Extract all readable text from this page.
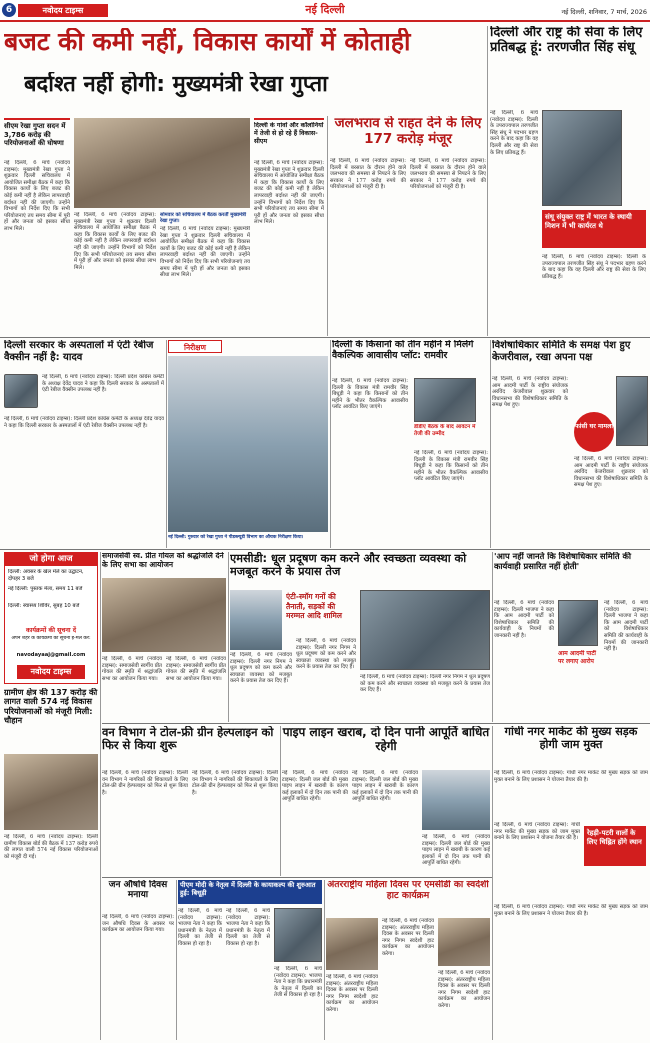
6	नवोदय टाइम्स	नई दिल्ली	नई दिल्ली, शनिवार, 7 मार्च, 2026
बजट की कमी नहीं, विकास कार्यों में कोताही
बर्दाश्त नहीं होगी: मुख्यमंत्री रेखा गुप्ता
दिल्ली और राष्ट्र की सेवा के लिए प्रतिबद्ध हूं: तरणजीत सिंह संधू
नई दिल्ली, 6 मार्च (नवोदय टाइम्स): दिल्ली के उपराज्यपाल तरणजीत सिंह संधू ने पदभार ग्रहण करने के बाद कहा कि वह दिल्ली और राष्ट्र की सेवा के लिए प्रतिबद्ध हैं।
संधू संयुक्त राष्ट्र में भारत के स्थायी मिशन में भी कार्यरत थे
नई दिल्ली, 6 मार्च (नवोदय टाइम्स): दिल्ली के उपराज्यपाल तरणजीत सिंह संधू ने पदभार ग्रहण करने के बाद कहा कि वह दिल्ली और राष्ट्र की सेवा के लिए प्रतिबद्ध हैं।
सीएम रेखा गुप्ता सदन में 3,786 करोड़ की परियोजनाओं की घोषणा
नई दिल्ली, 6 मार्च (नवोदय टाइम्स): मुख्यमंत्री रेखा गुप्ता ने शुक्रवार दिल्ली सचिवालय में आयोजित समीक्षा बैठक में कहा कि विकास कार्यों के लिए बजट की कोई कमी नहीं है लेकिन लापरवाही बर्दाश्त नहीं की जाएगी। उन्होंने विभागों को निर्देश दिए कि सभी परियोजनाएं तय समय सीमा में पूरी हों और जनता को इसका सीधा लाभ मिले।
नई दिल्ली, 6 मार्च (नवोदय टाइम्स): मुख्यमंत्री रेखा गुप्ता ने शुक्रवार दिल्ली सचिवालय में आयोजित समीक्षा बैठक में कहा कि विकास कार्यों के लिए बजट की कोई कमी नहीं है लेकिन लापरवाही बर्दाश्त नहीं की जाएगी। उन्होंने विभागों को निर्देश दिए कि सभी परियोजनाएं तय समय सीमा में पूरी हों और जनता को इसका सीधा लाभ मिले।
सोमवार को सचिवालय में बैठक करतीं मुख्यमंत्री रेखा गुप्ता।
नई दिल्ली, 6 मार्च (नवोदय टाइम्स): मुख्यमंत्री रेखा गुप्ता ने शुक्रवार दिल्ली सचिवालय में आयोजित समीक्षा बैठक में कहा कि विकास कार्यों के लिए बजट की कोई कमी नहीं है लेकिन लापरवाही बर्दाश्त नहीं की जाएगी। उन्होंने विभागों को निर्देश दिए कि सभी परियोजनाएं तय समय सीमा में पूरी हों और जनता को इसका सीधा लाभ मिले।
दिल्ली के गांवों और कॉलोनियों में तेजी से हो रहे हैं विकास- सीएम
नई दिल्ली, 6 मार्च (नवोदय टाइम्स): मुख्यमंत्री रेखा गुप्ता ने शुक्रवार दिल्ली सचिवालय में आयोजित समीक्षा बैठक में कहा कि विकास कार्यों के लिए बजट की कोई कमी नहीं है लेकिन लापरवाही बर्दाश्त नहीं की जाएगी। उन्होंने विभागों को निर्देश दिए कि सभी परियोजनाएं तय समय सीमा में पूरी हों और जनता को इसका सीधा लाभ मिले।
जलभराव से राहत देने के लिए 177 करोड़ मंजूर
नई दिल्ली, 6 मार्च (नवोदय टाइम्स): दिल्ली में बरसात के दौरान होने वाले जलभराव की समस्या से निपटने के लिए सरकार ने 177 करोड़ रुपये की परियोजनाओं को मंजूरी दी है।
नई दिल्ली, 6 मार्च (नवोदय टाइम्स): दिल्ली में बरसात के दौरान होने वाले जलभराव की समस्या से निपटने के लिए सरकार ने 177 करोड़ रुपये की परियोजनाओं को मंजूरी दी है।
दिल्ली सरकार के अस्पतालों में एंटी रेबीज वैक्सीन नहीं है: यादव
नई दिल्ली, 6 मार्च (नवोदय टाइम्स): दिल्ली प्रदेश कांग्रेस कमेटी के अध्यक्ष देवेंद्र यादव ने कहा कि दिल्ली सरकार के अस्पतालों में एंटी रेबीज वैक्सीन उपलब्ध नहीं है।
नई दिल्ली, 6 मार्च (नवोदय टाइम्स): दिल्ली प्रदेश कांग्रेस कमेटी के अध्यक्ष देवेंद्र यादव ने कहा कि दिल्ली सरकार के अस्पतालों में एंटी रेबीज वैक्सीन उपलब्ध नहीं है।
निरीक्षण
नई दिल्ली: गुरुवार को रेखा गुप्ता ने पीडब्ल्यूडी विभाग का औचक निरीक्षण किया।
दिल्ली के किसानों को तीन महीने में मिलेंगे वैकल्पिक आवासीय प्लॉट: रामवीर
नई दिल्ली, 6 मार्च (नवोदय टाइम्स): दिल्ली के विकास मंत्री रामवीर सिंह बिधूड़ी ने कहा कि किसानों को तीन महीने के भीतर वैकल्पिक आवासीय प्लॉट आवंटित किए जाएंगे।
डीडीए बैठक के बाद आवंटन में तेजी की उम्मीद
नई दिल्ली, 6 मार्च (नवोदय टाइम्स): दिल्ली के विकास मंत्री रामवीर सिंह बिधूड़ी ने कहा कि किसानों को तीन महीने के भीतर वैकल्पिक आवासीय प्लॉट आवंटित किए जाएंगे।
विशेषाधिकार समिति के समक्ष पेश हुए केजरीवाल, रखा अपना पक्ष
नई दिल्ली, 6 मार्च (नवोदय टाइम्स): आम आदमी पार्टी के राष्ट्रीय संयोजक अरविंद केजरीवाल शुक्रवार को विधानसभा की विशेषाधिकार समिति के समक्ष पेश हुए।
फांसी घर मामला
नई दिल्ली, 6 मार्च (नवोदय टाइम्स): आम आदमी पार्टी के राष्ट्रीय संयोजक अरविंद केजरीवाल शुक्रवार को विधानसभा की विशेषाधिकार समिति के समक्ष पेश हुए।
जो होगा आज
दिल्ली: अवसर के खेल मेले का उद्घाटन, दोपहर 3 बजे
नई दिल्ली: पुस्तक मेला, समय 11 बजे
दिल्ली: स्वास्थ्य शिविर, सुबह 10 बजे
कार्यक्रमों की सूचना दें
अपने शहर के कार्यक्रमों की सूचना ई-मेल करें:
navodayaaj@gmail.com
नवोदय टाइम्स
समाजसेवी स्व. प्रीत गोयल को श्रद्धांजलि देने के लिए सभा का आयोजन
नई दिल्ली, 6 मार्च (नवोदय टाइम्स): समाजसेवी स्वर्गीय प्रीत गोयल की स्मृति में श्रद्धांजलि सभा का आयोजन किया गया।
नई दिल्ली, 6 मार्च (नवोदय टाइम्स): समाजसेवी स्वर्गीय प्रीत गोयल की स्मृति में श्रद्धांजलि सभा का आयोजन किया गया।
एमसीडी: धूल प्रदूषण कम करने और स्वच्छता व्यवस्था को मजबूत करने के प्रयास तेज
एंटी-स्मॉग गनों की तैनाती, सड़कों की मरम्मत आदि शामिल
नई दिल्ली, 6 मार्च (नवोदय टाइम्स): दिल्ली नगर निगम ने धूल प्रदूषण को कम करने और स्वच्छता व्यवस्था को मजबूत करने के प्रयास तेज कर दिए हैं।
नई दिल्ली, 6 मार्च (नवोदय टाइम्स): दिल्ली नगर निगम ने धूल प्रदूषण को कम करने और स्वच्छता व्यवस्था को मजबूत करने के प्रयास तेज कर दिए हैं।
नई दिल्ली, 6 मार्च (नवोदय टाइम्स): दिल्ली नगर निगम ने धूल प्रदूषण को कम करने और स्वच्छता व्यवस्था को मजबूत करने के प्रयास तेज कर दिए हैं।
'आप नहीं जानते कि विशेषाधिकार समिति की कार्यवाही प्रसारित नहीं होती'
नई दिल्ली, 6 मार्च (नवोदय टाइम्स): दिल्ली भाजपा ने कहा कि आम आदमी पार्टी को विशेषाधिकार समिति की कार्यवाही के नियमों की जानकारी नहीं है।
आम आदमी पार्टी पर लगाए आरोप
नई दिल्ली, 6 मार्च (नवोदय टाइम्स): दिल्ली भाजपा ने कहा कि आम आदमी पार्टी को विशेषाधिकार समिति की कार्यवाही के नियमों की जानकारी नहीं है।
ग्रामीण क्षेत्र की 137 करोड़ की लागत वाली 574 नई विकास परियोजनाओं को मंजूरी मिली: चौहान
नई दिल्ली, 6 मार्च (नवोदय टाइम्स): दिल्ली ग्रामीण विकास बोर्ड की बैठक में 137 करोड़ रुपये की लागत वाली 574 नई विकास परियोजनाओं को मंजूरी दी गई।
वन विभाग ने टोल-फ्री ग्रीन हेल्पलाइन को फिर से किया शुरू
नई दिल्ली, 6 मार्च (नवोदय टाइम्स): दिल्ली वन विभाग ने नागरिकों की शिकायतों के लिए टोल-फ्री ग्रीन हेल्पलाइन को फिर से शुरू किया है।
नई दिल्ली, 6 मार्च (नवोदय टाइम्स): दिल्ली वन विभाग ने नागरिकों की शिकायतों के लिए टोल-फ्री ग्रीन हेल्पलाइन को फिर से शुरू किया है।
पाइप लाइन खराब, दो दिन पानी आपूर्ति बाधित रहेगी
नई दिल्ली, 6 मार्च (नवोदय टाइम्स): दिल्ली जल बोर्ड की मुख्य पाइप लाइन में खराबी के कारण कई इलाकों में दो दिन तक पानी की आपूर्ति बाधित रहेगी।
नई दिल्ली, 6 मार्च (नवोदय टाइम्स): दिल्ली जल बोर्ड की मुख्य पाइप लाइन में खराबी के कारण कई इलाकों में दो दिन तक पानी की आपूर्ति बाधित रहेगी।
नई दिल्ली, 6 मार्च (नवोदय टाइम्स): दिल्ली जल बोर्ड की मुख्य पाइप लाइन में खराबी के कारण कई इलाकों में दो दिन तक पानी की आपूर्ति बाधित रहेगी।
गांधी नगर मार्केट की मुख्य सड़क होगी जाम मुक्त
नई दिल्ली, 6 मार्च (नवोदय टाइम्स): गांधी नगर मार्केट की मुख्य सड़क को जाम मुक्त बनाने के लिए प्रशासन ने योजना तैयार की है।
नई दिल्ली, 6 मार्च (नवोदय टाइम्स): गांधी नगर मार्केट की मुख्य सड़क को जाम मुक्त बनाने के लिए प्रशासन ने योजना तैयार की है।
रेहड़ी-पटरी वालों के लिए चिह्नित होंगे स्थान
नई दिल्ली, 6 मार्च (नवोदय टाइम्स): गांधी नगर मार्केट की मुख्य सड़क को जाम मुक्त बनाने के लिए प्रशासन ने योजना तैयार की है।
जन औषधि दिवस मनाया
नई दिल्ली, 6 मार्च (नवोदय टाइम्स): जन औषधि दिवस के अवसर पर कार्यक्रम का आयोजन किया गया।
पीएम मोदी के नेतृत्व में दिल्ली के कायाकल्प की शुरुआत हुई: बिधूड़ी
नई दिल्ली, 6 मार्च (नवोदय टाइम्स): भाजपा नेता ने कहा कि प्रधानमंत्री के नेतृत्व में दिल्ली का तेजी से विकास हो रहा है।
नई दिल्ली, 6 मार्च (नवोदय टाइम्स): भाजपा नेता ने कहा कि प्रधानमंत्री के नेतृत्व में दिल्ली का तेजी से विकास हो रहा है।
नई दिल्ली, 6 मार्च (नवोदय टाइम्स): भाजपा नेता ने कहा कि प्रधानमंत्री के नेतृत्व में दिल्ली का तेजी से विकास हो रहा है।
अंतरराष्ट्रीय महिला दिवस पर एमसीडी का स्वदेशी हाट कार्यक्रम
नई दिल्ली, 6 मार्च (नवोदय टाइम्स): अंतरराष्ट्रीय महिला दिवस के अवसर पर दिल्ली नगर निगम स्वदेशी हाट कार्यक्रम का आयोजन करेगा।
नई दिल्ली, 6 मार्च (नवोदय टाइम्स): अंतरराष्ट्रीय महिला दिवस के अवसर पर दिल्ली नगर निगम स्वदेशी हाट कार्यक्रम का आयोजन करेगा।
नई दिल्ली, 6 मार्च (नवोदय टाइम्स): अंतरराष्ट्रीय महिला दिवस के अवसर पर दिल्ली नगर निगम स्वदेशी हाट कार्यक्रम का आयोजन करेगा।
